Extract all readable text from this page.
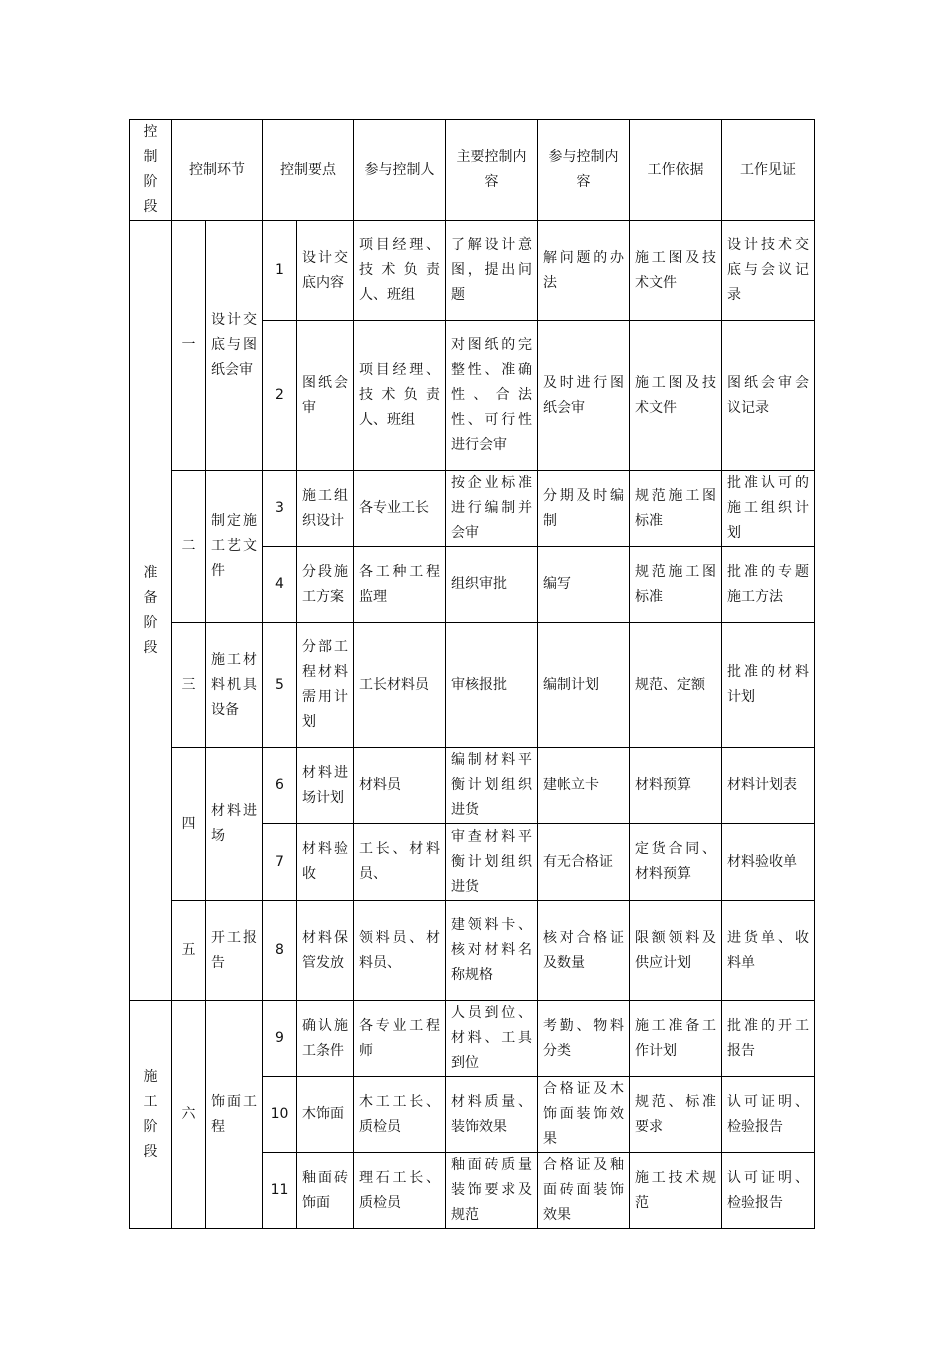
控制阶段	控制环节		控制要点		参与控制人	主要控制内容	参与控制内容	工作依据	工作见证

准备阶段	一	设计交底与图纸会审	1	设计交底内容	项目经理、技术负责人、班组	了解设计意图，提出问题	解问题的办法	施工图及技术文件	设计技术交底与会议记录
			2	图纸会审	项目经理、技术负责人、班组	对图纸的完整性、准确性、合法性、可行性进行会审	及时进行图纸会审	施工图及技术文件	图纸会审会议记录
	二	制定施工艺文件	3	施工组织设计	各专业工长	按企业标准进行编制并会审	分期及时编制	规范施工图标准	批准认可的施工组织计划
			4	分段施工方案	各工种工程监理	组织审批	编写	规范施工图标准	批准的专题施工方法
	三	施工材料机具设备	5	分部工程材料需用计划	工长材料员	审核报批	编制计划	规范、定额	批准的材料计划
	四	材料进场	6	材料进场计划	材料员	编制材料平衡计划组织进货	建帐立卡	材料预算	材料计划表
			7	材料验收	工长、材料员、	审查材料平衡计划组织进货	有无合格证	定货合同、材料预算	材料验收单
	五	开工报告	8	材料保管发放	领料员、材料员、	建领料卡、核对材料名称规格	核对合格证及数量	限额领料及供应计划	进货单、收料单

施工阶段	六	饰面工程	9	确认施工条件	各专业工程师	人员到位、材料、工具到位	考勤、物料分类	施工准备工作计划	批准的开工报告
			10	木饰面	木工工长、质检员	材料质量、装饰效果	合格证及木饰面装饰效果	规范、标准要求	认可证明、检验报告
			11	釉面砖饰面	理石工长、质检员	釉面砖质量装饰要求及规范	合格证及釉面砖面装饰效果	施工技术规范	认可证明、检验报告
